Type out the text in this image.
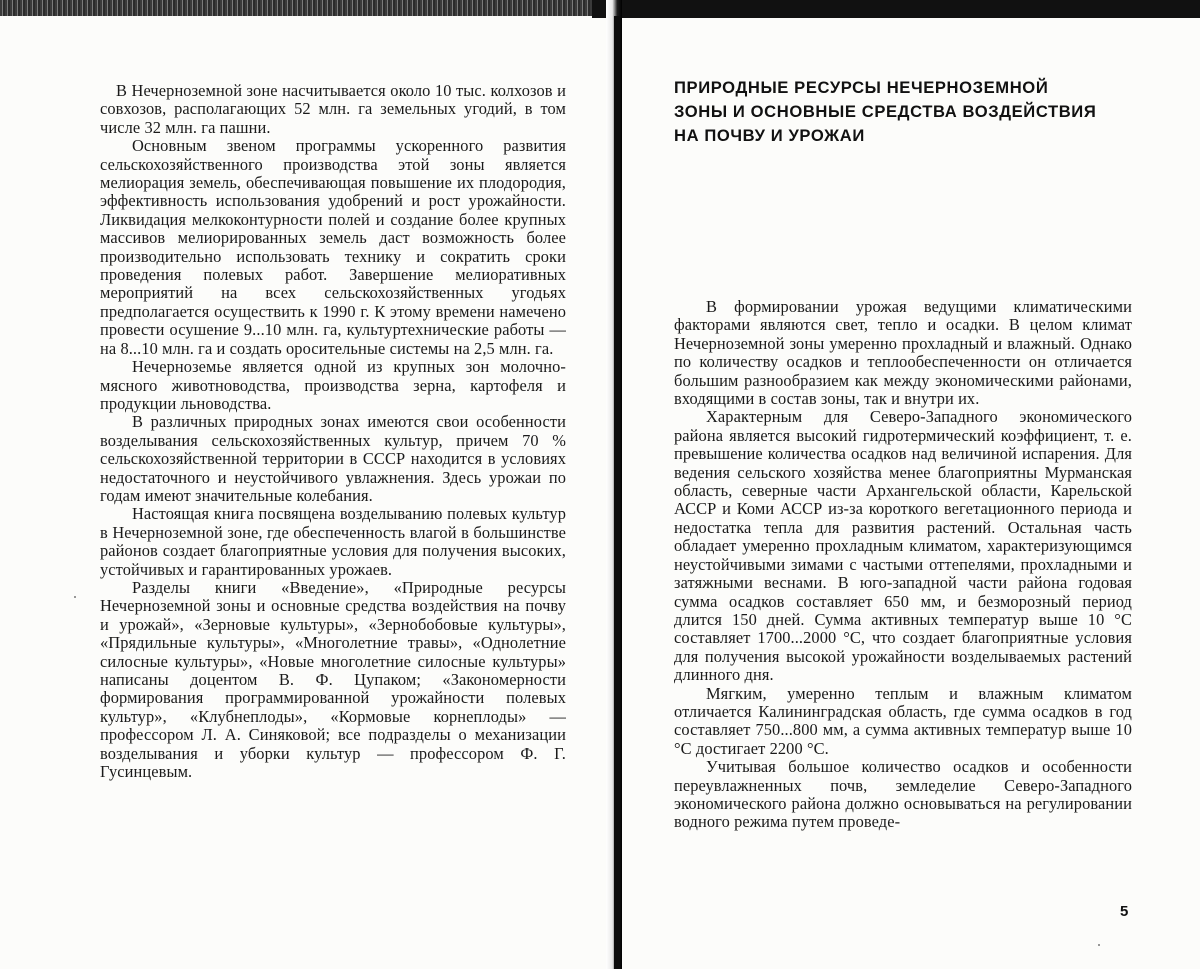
В Нечерноземной зоне насчитывается около 10 тыс. колхозов и совхозов, располагающих 52 млн. га земельных угодий, в том числе 32 млн. га пашни.

Основным звеном программы ускоренного развития сельскохозяйственного производства этой зоны является мелиорация земель, обеспечивающая повышение их плодородия, эффективность использования удобрений и рост урожайности. Ликвидация мелкоконтурности полей и создание более крупных массивов мелиорированных земель даст возможность более производительно использовать технику и сократить сроки проведения полевых работ. Завершение мелиоративных мероприятий на всех сельскохозяйственных угодьях предполагается осуществить к 1990 г. К этому времени намечено провести осушение 9...10 млн. га, культуртехнические работы — на 8...10 млн. га и создать оросительные системы на 2,5 млн. га.

Нечерноземье является одной из крупных зон молочно-мясного животноводства, производства зерна, картофеля и продукции льноводства.

В различных природных зонах имеются свои особенности возделывания сельскохозяйственных культур, причем 70 % сельскохозяйственной территории в СССР находится в условиях недостаточного и неустойчивого увлажнения. Здесь урожаи по годам имеют значительные колебания.

Настоящая книга посвящена возделыванию полевых культур в Нечерноземной зоне, где обеспеченность влагой в большинстве районов создает благоприятные условия для получения высоких, устойчивых и гарантированных урожаев.

Разделы книги «Введение», «Природные ресурсы Нечерноземной зоны и основные средства воздействия на почву и урожай», «Зерновые культуры», «Зернобобовые культуры», «Прядильные культуры», «Многолетние травы», «Однолетние силосные культуры», «Новые многолетние силосные культуры» написаны доцентом В. Ф. Цупаком; «Закономерности формирования программированной урожайности полевых культур», «Клубнеплоды», «Кормовые корнеплоды» — профессором Л. А. Синяковой; все подразделы о механизации возделывания и уборки культур — профессором Ф. Г. Гусинцевым.

ПРИРОДНЫЕ РЕСУРСЫ НЕЧЕРНОЗЕМНОЙ
ЗОНЫ И ОСНОВНЫЕ СРЕДСТВА ВОЗДЕЙСТВИЯ
НА ПОЧВУ И УРОЖАИ

В формировании урожая ведущими климатическими факторами являются свет, тепло и осадки. В целом климат Нечерноземной зоны умеренно прохладный и влажный. Однако по количеству осадков и теплообеспеченности он отличается большим разнообразием как между экономическими районами, входящими в состав зоны, так и внутри их.

Характерным для Северо-Западного экономического района является высокий гидротермический коэффициент, т. е. превышение количества осадков над величиной испарения. Для ведения сельского хозяйства менее благоприятны Мурманская область, северные части Архангельской области, Карельской АССР и Коми АССР из-за короткого вегетационного периода и недостатка тепла для развития растений. Остальная часть обладает умеренно прохладным климатом, характеризующимся неустойчивыми зимами с частыми оттепелями, прохладными и затяжными веснами. В юго-западной части района годовая сумма осадков составляет 650 мм, и безморозный период длится 150 дней. Сумма активных температур выше 10 °С составляет 1700...2000 °С, что создает благоприятные условия для получения высокой урожайности возделываемых растений длинного дня.

Мягким, умеренно теплым и влажным климатом отличается Калининградская область, где сумма осадков в год составляет 750...800 мм, а сумма активных температур выше 10 °С достигает 2200 °С.

Учитывая большое количество осадков и особенности переувлажненных почв, земледелие Северо-Западного экономического района должно основываться на регулировании водного режима путем проведе-

5
